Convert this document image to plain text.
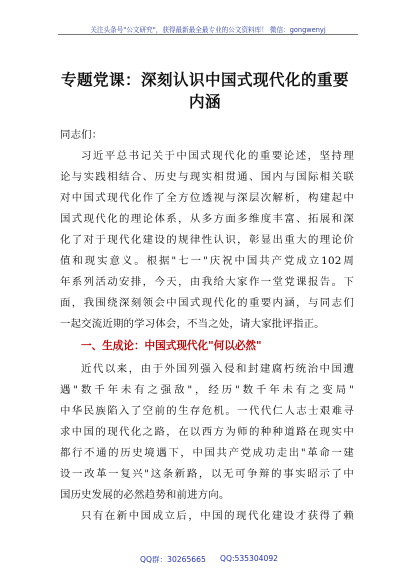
关注头条号"公文研究"，获得最新最全最专业的公文资料库！ 微信：gongwenyj
专题党课：深刻认识中国式现代化的重要
内涵
同志们：
习近平总书记关于中国式现代化的重要论述，坚持理
论与实践相结合、历史与现实相贯通、国内与国际相关联
对中国式现代化作了全方位透视与深层次解析，构建起中
国式现代化的理论体系，从多方面多维度丰富、拓展和深
化了对于现代化建设的规律性认识，彰显出重大的理论价
值和现实意义。根据"七一"庆祝中国共产党成立102周
年系列活动安排，今天，由我给大家作一堂党课报告。下
面，我围绕深刻领会中国式现代化的重要内涵，与同志们
一起交流近期的学习体会，不当之处，请大家批评指正。
一、生成论：中国式现代化"何以必然"
近代以来，由于外国列强入侵和封建腐朽统治中国遭
遇"数千年未有之强敌"，经历"数千年未有之变局"
中华民族陷入了空前的生存危机。一代代仁人志士艰难寻
求中国的现代化之路，在以西方为师的种种道路在现实中
都行不通的历史境遇下，中国共产党成功走出"革命一建
设一改革一复兴"这条新路，以无可争辩的事实昭示了中
国历史发展的必然趋势和前进方向。
只有在新中国成立后，中国的现代化建设才获得了赖
QQ群：30265665 QQ:535304092
